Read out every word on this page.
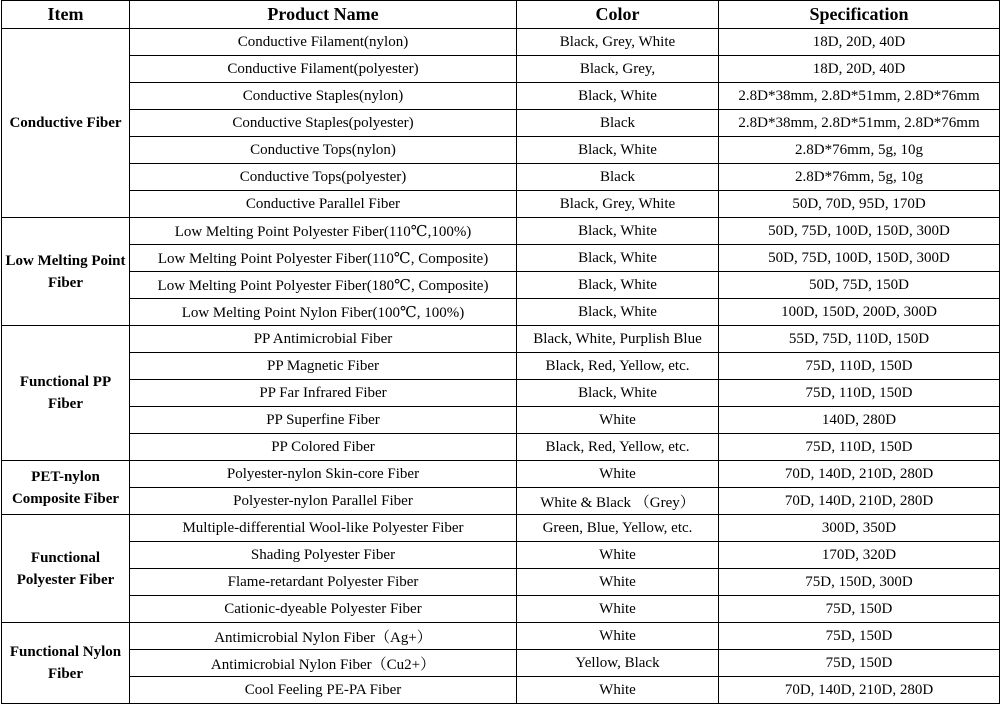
Item	Product Name	Color	Specification
Conductive Fiber	Conductive Filament(nylon)	Black, Grey, White	18D, 20D, 40D
	Conductive Filament(polyester)	Black, Grey,	18D, 20D, 40D
	Conductive Staples(nylon)	Black, White	2.8D*38mm, 2.8D*51mm, 2.8D*76mm
	Conductive Staples(polyester)	Black	2.8D*38mm, 2.8D*51mm, 2.8D*76mm
	Conductive Tops(nylon)	Black, White	2.8D*76mm, 5g, 10g
	Conductive Tops(polyester)	Black	2.8D*76mm, 5g, 10g
	Conductive Parallel Fiber	Black, Grey, White	50D, 70D, 95D, 170D
Low Melting Point Fiber	Low Melting Point Polyester Fiber(110℃,100%)	Black, White	50D, 75D, 100D, 150D, 300D
	Low Melting Point Polyester Fiber(110℃, Composite)	Black, White	50D, 75D, 100D, 150D, 300D
	Low Melting Point Polyester Fiber(180℃, Composite)	Black, White	50D, 75D, 150D
	Low Melting Point Nylon Fiber(100℃, 100%)	Black, White	100D, 150D, 200D, 300D
Functional PP Fiber	PP Antimicrobial Fiber	Black, White, Purplish Blue	55D, 75D, 110D, 150D
	PP Magnetic Fiber	Black, Red, Yellow, etc.	75D, 110D, 150D
	PP Far Infrared Fiber	Black, White	75D, 110D, 150D
	PP Superfine Fiber	White	140D, 280D
	PP Colored Fiber	Black, Red, Yellow, etc.	75D, 110D, 150D
PET-nylon Composite Fiber	Polyester-nylon Skin-core Fiber	White	70D, 140D, 210D, 280D
	Polyester-nylon Parallel Fiber	White & Black （Grey）	70D, 140D, 210D, 280D
Functional Polyester Fiber	Multiple-differential Wool-like Polyester Fiber	Green, Blue, Yellow, etc.	300D, 350D
	Shading Polyester Fiber	White	170D, 320D
	Flame-retardant Polyester Fiber	White	75D, 150D, 300D
	Cationic-dyeable Polyester Fiber	White	75D, 150D
Functional Nylon Fiber	Antimicrobial Nylon Fiber（Ag+）	White	75D, 150D
	Antimicrobial Nylon Fiber（Cu2+）	Yellow, Black	75D, 150D
	Cool Feeling PE-PA Fiber	White	70D, 140D, 210D, 280D
